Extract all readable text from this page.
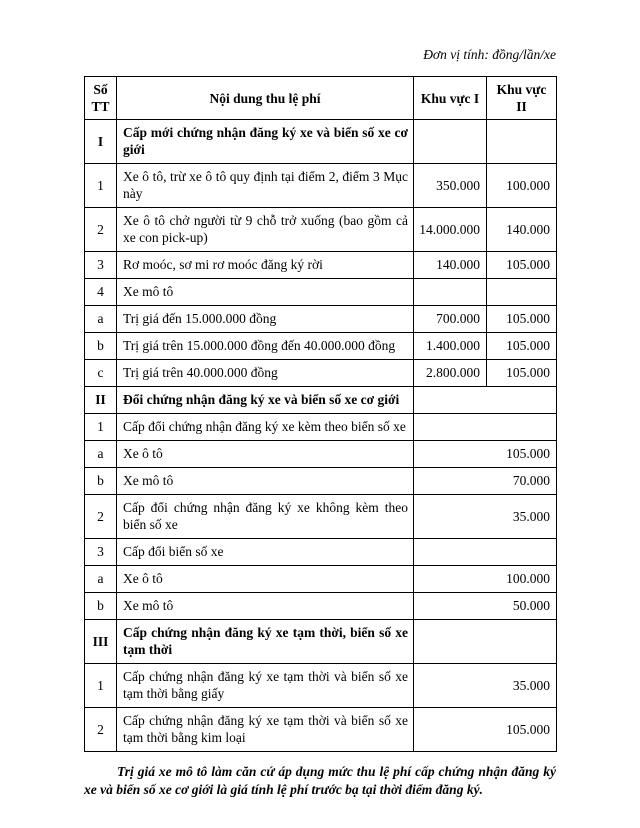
Đơn vị tính: đồng/lần/xe
Số TT	Nội dung thu lệ phí	Khu vực I	Khu vực II
I	Cấp mới chứng nhận đăng ký xe và biển số xe cơ giới		
1	Xe ô tô, trừ xe ô tô quy định tại điểm 2, điểm 3 Mục này	350.000	100.000
2	Xe ô tô chở người từ 9 chỗ trở xuống (bao gồm cả xe con pick-up)	14.000.000	140.000
3	Rơ moóc, sơ mi rơ moóc đăng ký rời	140.000	105.000
4	Xe mô tô		
a	Trị giá đến 15.000.000 đồng	700.000	105.000
b	Trị giá trên 15.000.000 đồng đến 40.000.000 đồng	1.400.000	105.000
c	Trị giá trên 40.000.000 đồng	2.800.000	105.000
II	Đổi chứng nhận đăng ký xe và biển số xe cơ giới		
1	Cấp đổi chứng nhận đăng ký xe kèm theo biển số xe		
a	Xe ô tô	105.000	
b	Xe mô tô	70.000	
2	Cấp đổi chứng nhận đăng ký xe không kèm theo biển số xe	35.000	
3	Cấp đổi biển số xe		
a	Xe ô tô	100.000	
b	Xe mô tô	50.000	
III	Cấp chứng nhận đăng ký xe tạm thời, biển số xe tạm thời		
1	Cấp chứng nhận đăng ký xe tạm thời và biển số xe tạm thời bằng giấy	35.000	
2	Cấp chứng nhận đăng ký xe tạm thời và biển số xe tạm thời bằng kim loại	105.000	

Trị giá xe mô tô làm căn cứ áp dụng mức thu lệ phí cấp chứng nhận đăng ký xe và biển số xe cơ giới là giá tính lệ phí trước bạ tại thời điểm đăng ký.
